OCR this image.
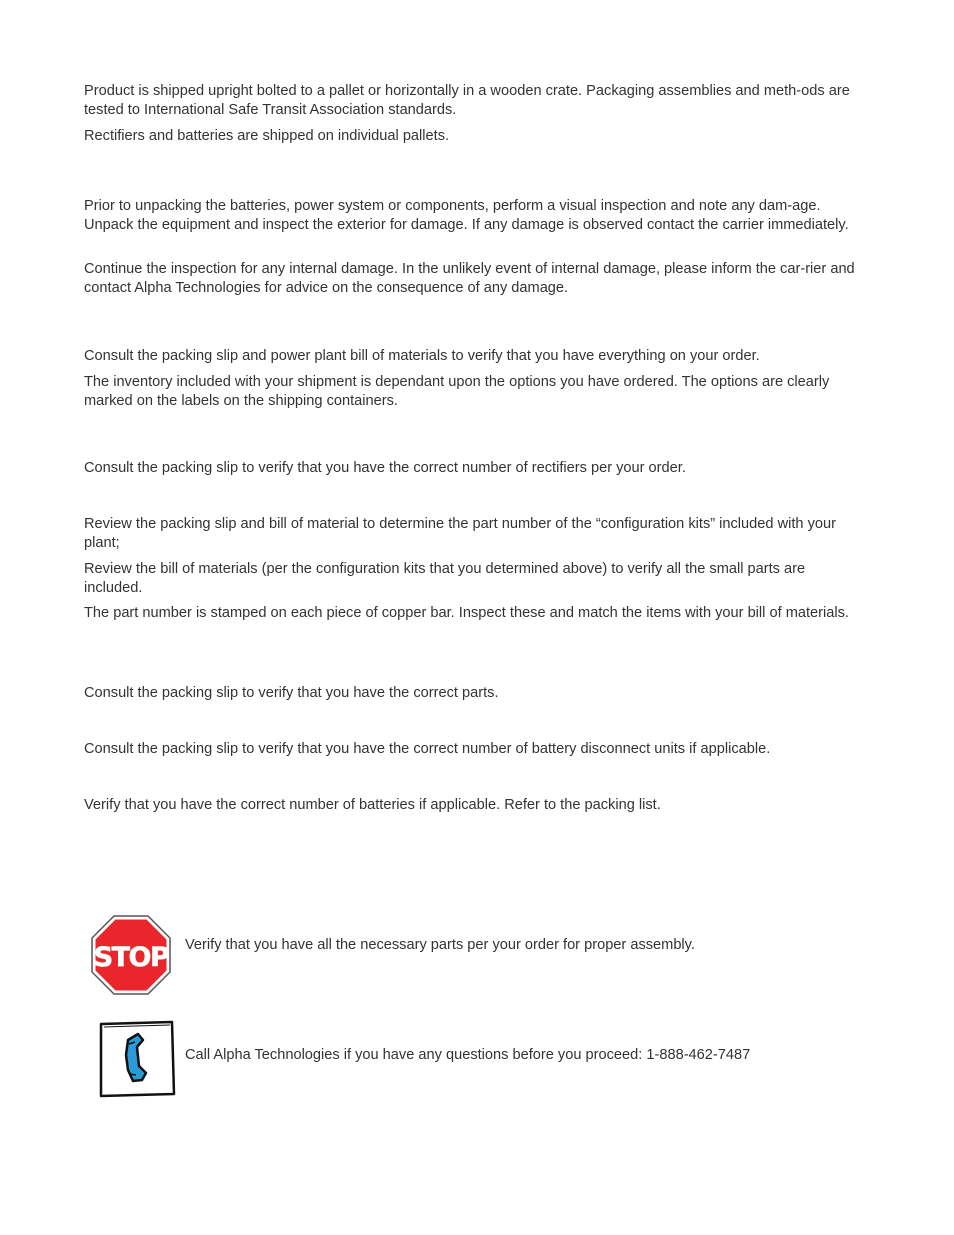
Product is shipped upright bolted to a pallet or horizontally in a wooden crate. Packaging assemblies and meth-ods are tested to International Safe Transit Association standards.

Rectifiers and batteries are shipped on individual pallets.

Prior to unpacking the batteries, power system or components, perform a visual inspection and note any dam-age. Unpack the equipment and inspect the exterior for damage. If any damage is observed contact the carrier immediately.

Continue the inspection for any internal damage. In the unlikely event of internal damage, please inform the car-rier and contact Alpha Technologies for advice on the consequence of any damage.

Consult the packing slip and power plant bill of materials to verify that you have everything on your order.

The inventory included with your shipment is dependant upon the options you have ordered. The options are clearly marked on the labels on the shipping containers.

Consult the packing slip to verify that you have the correct number of rectifiers per your order.

Review the packing slip and bill of material to determine the part number of the “configuration kits” included with your plant;

Review the bill of materials (per the configuration kits that you determined above) to verify all the small parts are included.

The part number is stamped on each piece of copper bar. Inspect these and match the items with your bill of materials.

Consult the packing slip to verify that you have the correct parts.

Consult the packing slip to verify that you have the correct number of battery disconnect units if applicable.

Verify that you have the correct number of batteries if applicable. Refer to the packing list.

STOP Verify that you have all the necessary parts per your order for proper assembly.

Call Alpha Technologies if you have any questions before you proceed: 1-888-462-7487
